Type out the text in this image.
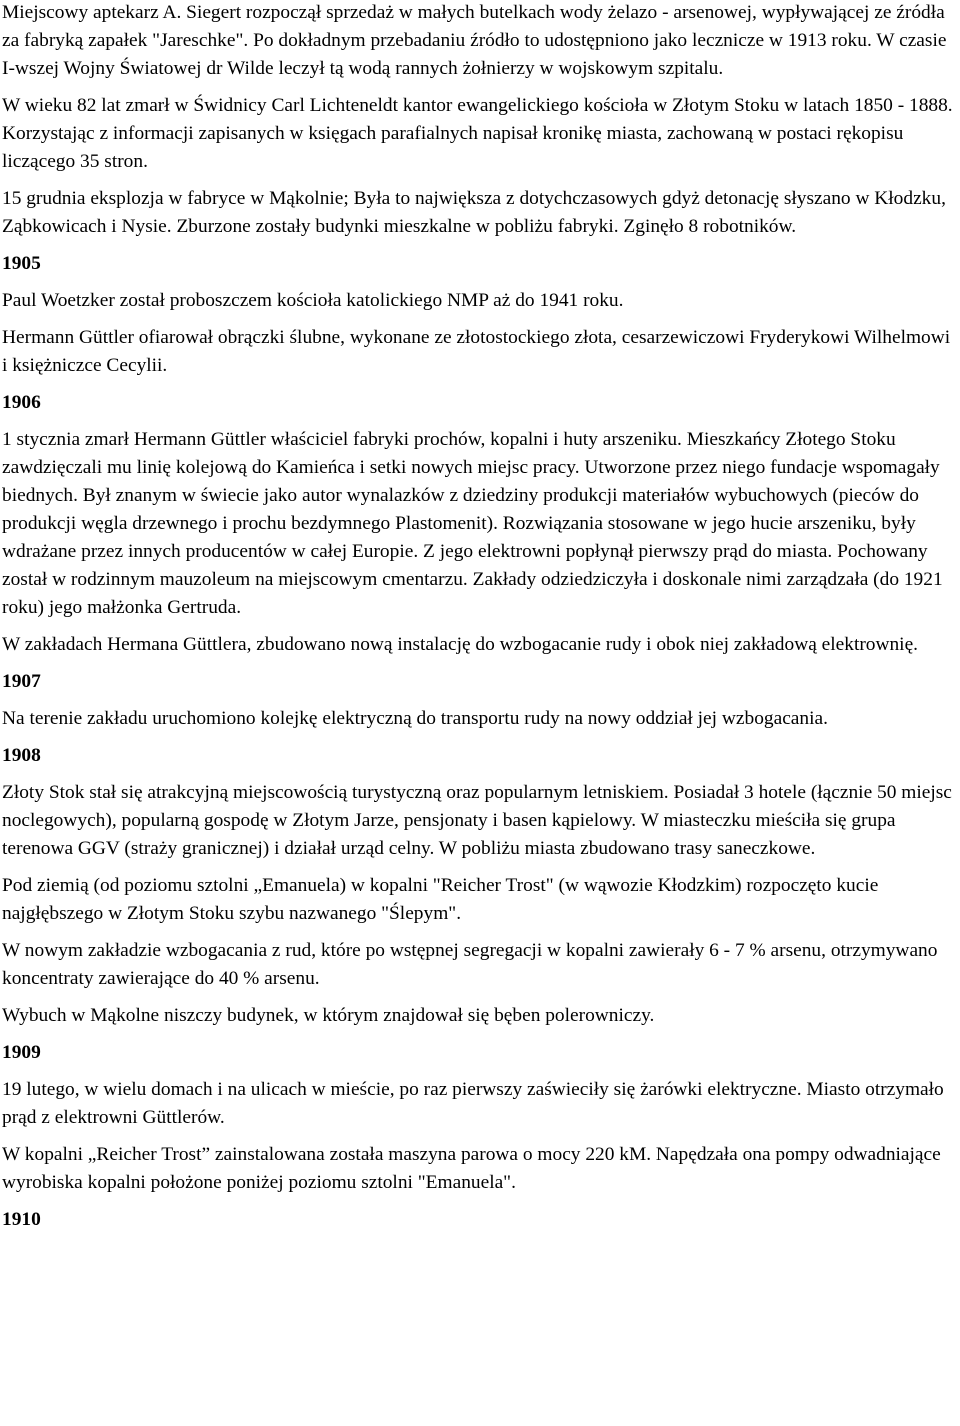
Miejscowy aptekarz A. Siegert rozpoczął sprzedaż w małych butelkach wody żelazo - arsenowej, wypływającej ze źródła za fabryką zapałek "Jareschke". Po dokładnym przebadaniu źródło to udostępniono jako lecznicze w 1913 roku. W czasie I-wszej Wojny Światowej dr Wilde leczył tą wodą rannych żołnierzy w wojskowym szpitalu.
W wieku 82 lat zmarł w Świdnicy Carl Lichteneldt kantor ewangelickiego kościoła w Złotym Stoku w latach 1850 - 1888. Korzystając z informacji zapisanych w księgach parafialnych napisał kronikę miasta, zachowaną w postaci rękopisu liczącego 35 stron.
15 grudnia eksplozja w fabryce w Mąkolnie; Była to największa z dotychczasowych gdyż detonację słyszano w Kłodzku, Ząbkowicach i Nysie. Zburzone zostały budynki mieszkalne w pobliżu fabryki. Zginęło 8 robotników.
1905
Paul Woetzker został proboszczem kościoła katolickiego NMP aż do 1941 roku.
Hermann Güttler ofiarował obrączki ślubne, wykonane ze złotostockiego złota, cesarzewiczowi Fryderykowi Wilhelmowi i księżniczce Cecylii.
1906
1 stycznia zmarł Hermann Güttler właściciel fabryki prochów, kopalni i huty arszeniku. Mieszkańcy Złotego Stoku zawdzięczali mu linię kolejową do Kamieńca i setki nowych miejsc pracy. Utworzone przez niego fundacje wspomagały biednych. Był znanym w świecie jako autor wynalazków z dziedziny produkcji materiałów wybuchowych (pieców do produkcji węgla drzewnego i prochu bezdymnego Plastomenit). Rozwiązania stosowane w jego hucie arszeniku, były wdrażane przez innych producentów w całej Europie. Z jego elektrowni popłynął pierwszy prąd do miasta. Pochowany został w rodzinnym mauzoleum na miejscowym cmentarzu. Zakłady odziedziczyła i doskonale nimi zarządzała (do 1921 roku) jego małżonka Gertruda.
W zakładach Hermana Güttlera, zbudowano nową instalację do wzbogacanie rudy i obok niej zakładową elektrownię.
1907
Na terenie zakładu uruchomiono kolejkę elektryczną do transportu rudy na nowy oddział jej wzbogacania.
1908
Złoty Stok stał się atrakcyjną miejscowością turystyczną oraz popularnym letniskiem. Posiadał 3 hotele (łącznie 50 miejsc noclegowych), popularną gospodę w Złotym Jarze, pensjonaty i basen kąpielowy. W miasteczku mieściła się grupa terenowa GGV (straży granicznej) i działał urząd celny. W pobliżu miasta zbudowano trasy saneczkowe.
Pod ziemią (od poziomu sztolni „Emanuela) w kopalni "Reicher Trost" (w wąwozie Kłodzkim) rozpoczęto kucie najgłębszego w Złotym Stoku szybu nazwanego "Ślepym".
W nowym zakładzie wzbogacania z rud, które po wstępnej segregacji w kopalni zawierały 6 - 7 % arsenu, otrzymywano koncentraty zawierające do 40 % arsenu.
Wybuch w Mąkolne niszczy budynek, w którym znajdował się bęben polerowniczy.
1909
19 lutego, w wielu domach i na ulicach w mieście, po raz pierwszy zaświeciły się żarówki elektryczne. Miasto otrzymało prąd z elektrowni Güttlerów.
W kopalni „Reicher Trost” zainstalowana została maszyna parowa o mocy 220 kM. Napędzała ona pompy odwadniające wyrobiska kopalni położone poniżej poziomu sztolni "Emanuela".
1910
